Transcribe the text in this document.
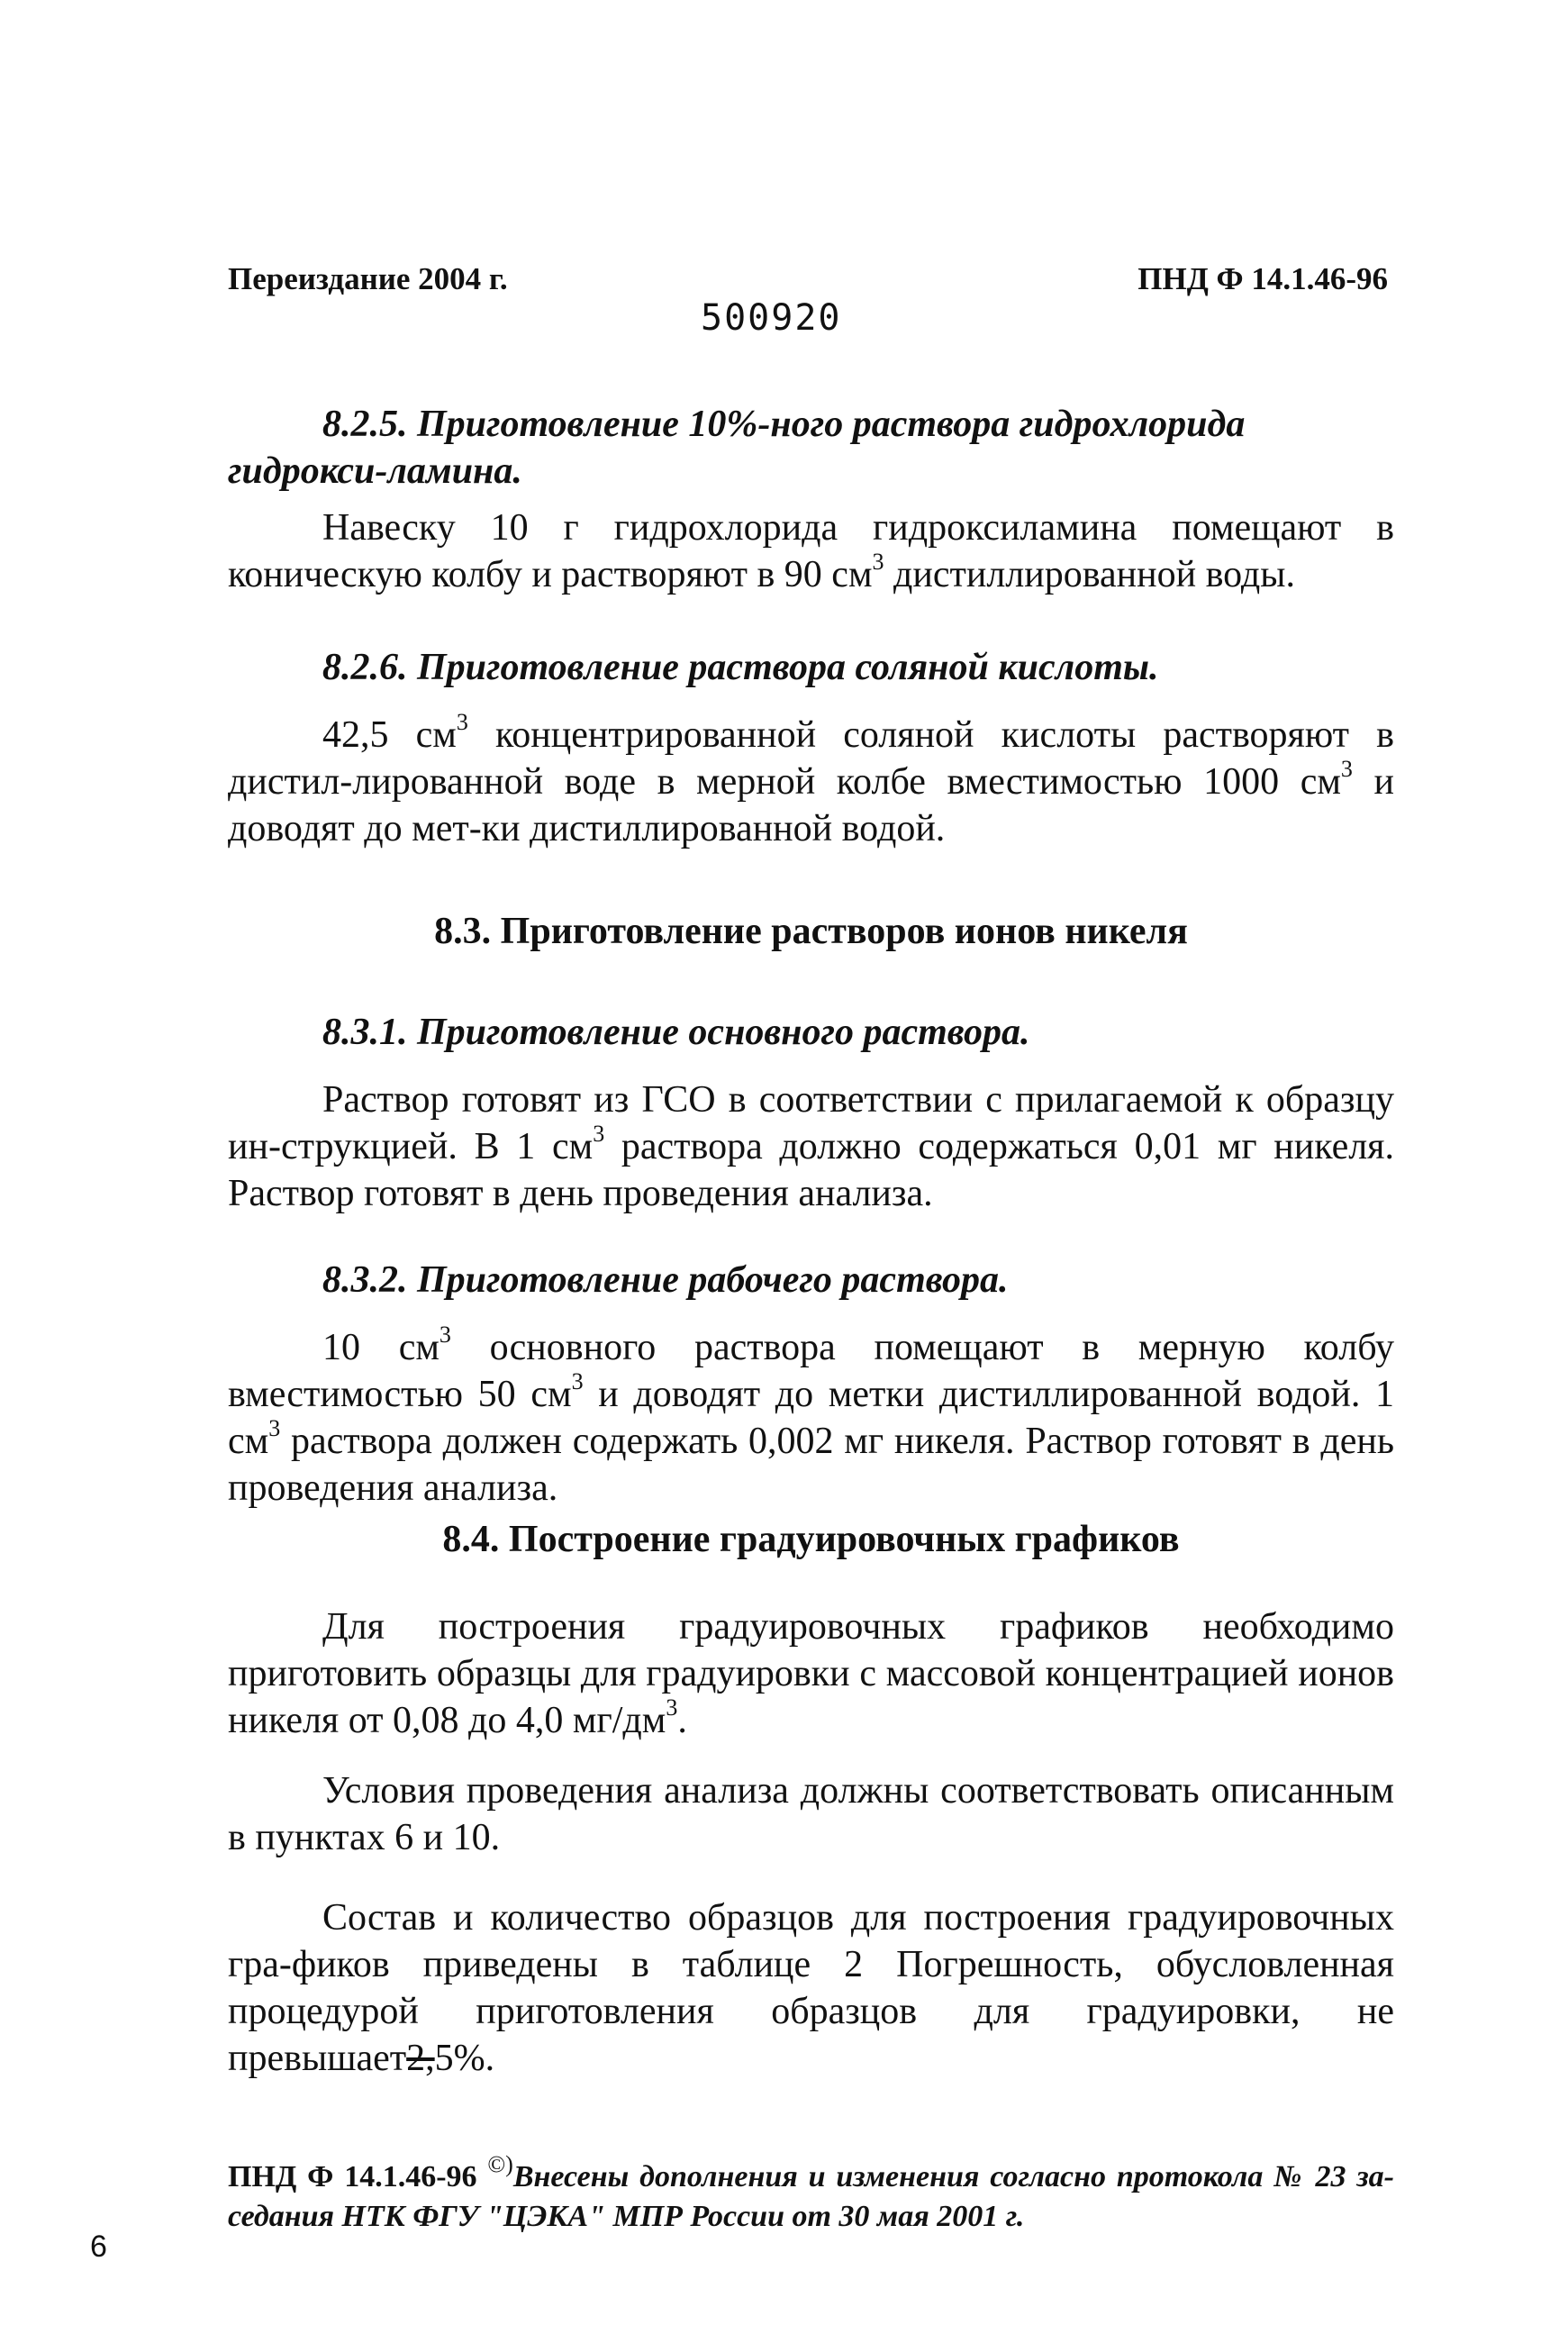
Переиздание 2004 г.	ПНД Ф 14.1.46-96
500920
8.2.5. Приготовление 10%-ного раствора гидрохлорида гидрокси-ламина.
Навеску 10 г гидрохлорида гидроксиламина помещают в коническую колбу и растворяют в 90 $см^3$ дистиллированной воды.
8.2.6. Приготовление раствора соляной кислоты.
42,5 $см^3$ концентрированной соляной кислоты растворяют в дистил-лированной воде в мерной колбе вместимостью 1000 $см^3$ и доводят до мет-ки дистиллированной водой.
8.3. Приготовление растворов ионов никеля
8.3.1. Приготовление основного раствора.
Раствор готовят из ГСО в соответствии с прилагаемой к образцу ин-струкцией. В 1 $см^3$ раствора должно содержаться 0,01 мг никеля. Раствор готовят в день проведения анализа.
8.3.2. Приготовление рабочего раствора.
10 $см^3$ основного раствора помещают в мерную колбу вместимостью 50 $см^3$ и доводят до метки дистиллированной водой. 1 $см^3$ раствора должен содержать 0,002 мг никеля. Раствор готовят в день проведения анализа.
8.4. Построение градуировочных графиков
Для построения градуировочных графиков необходимо приготовить образцы для градуировки с массовой концентрацией ионов никеля от 0,08 до 4,0 $мг/дм^3$.
Условия проведения анализа должны соответствовать описанным в пунктах 6 и 10.
Состав и количество образцов для построения градуировочных гра-фиков приведены в таблице 2 Погрешность, обусловленная процедурой приготовления образцов для градуировки, не превышает2,5%.
ПНД Ф 14.1.46-96 ©)Внесены дополнения и изменения согласно протокола № 23 за-седания НТК ФГУ "ЦЭКА" МПР России от 30 мая 2001 г.
6
